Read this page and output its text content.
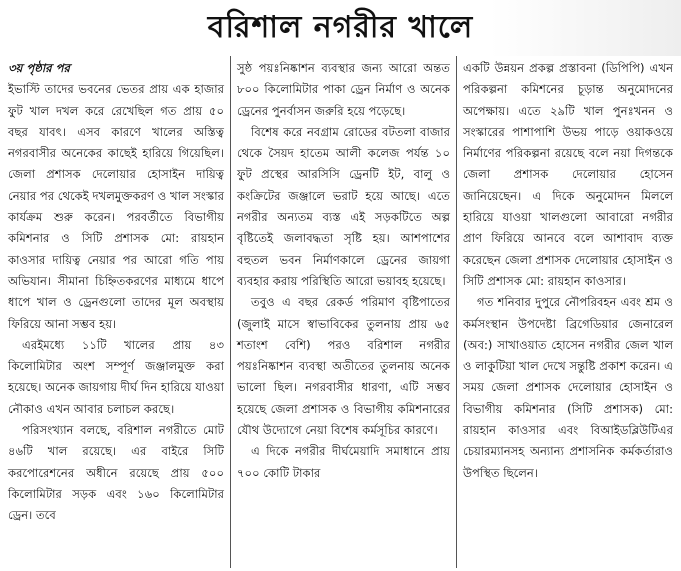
বরিশাল নগরীর খালে

৩য় পৃষ্ঠার পর

ইভাস্টি তাদের ভবনের ভেতর প্রায় এক হাজার ফুট খাল দখল করে রেখেছিল গত প্রায় ৫০ বছর যাবৎ। এসব কারণে খালের অস্তিত্ব নগরবাসীর অনেকের কাছেই হারিয়ে গিয়েছিল। জেলা প্রশাসক দেলোয়ার হোসাইন দায়িত্ব নেয়ার পর থেকেই দখলমুক্তকরণ ও খাল সংস্কার কার্যক্রম শুরু করেন। পরবর্তীতে বিভাগীয় কমিশনার ও সিটি প্রশাসক মো: রায়হান কাওসার দায়িত্ব নেয়ার পর আরো গতি পায় অভিযান। সীমানা চিহ্নিতকরণের মাধ্যমে ধাপে ধাপে খাল ও ড্রেনগুলো তাদের মূল অবস্থায় ফিরিয়ে আনা সম্ভব হয়।

এরইমধ্যে ১১টি খালের প্রায় ৪৩ কিলোমিটার অংশ সম্পূর্ণ জঞ্জালমুক্ত করা হয়েছে। অনেক জায়গায় দীর্ঘ দিন হারিয়ে যাওয়া নৌকাও এখন আবার চলাচল করছে।

পরিসংখ্যান বলছে, বরিশাল নগরীতে মোট ৪৬টি খাল রয়েছে। এর বাইরে সিটি করপোরেশনের অধীনে রয়েছে প্রায় ৫০০ কিলোমিটার সড়ক এবং ১৬০ কিলোমিটার ড্রেন। তবে

সুষ্ঠ পয়ঃনিষ্কাশন ব্যবস্থার জন্য আরো অন্তত ৮০০ কিলোমিটার পাকা ড্রেন নির্মাণ ও অনেক ড্রেনের পুনর্বাসন জরুরি হয়ে পড়েছে।

বিশেষ করে নবগ্রাম রোডের বটতলা বাজার থেকে সৈয়দ হাতেম আলী কলেজ পর্যন্ত ১০ ফুট প্রস্থের আরসিসি ড্রেনটি ইট, বালু ও কংক্রিটের জঞ্জালে ভরাট হয়ে আছে। এতে নগরীর অন্যতম ব্যস্ত এই সড়কটিতে অল্প বৃষ্টিতেই জলাবদ্ধতা সৃষ্টি হয়। আশপাশের বহুতল ভবন নির্মাণকালে ড্রেনের জায়গা ব্যবহার করায় পরিস্থিতি আরো ভয়াবহ হয়েছে।

তবুও এ বছর রেকর্ড পরিমাণ বৃষ্টিপাতের (জুলাই মাসে স্বাভাবিকের তুলনায় প্রায় ৬৫ শতাংশ বেশি) পরও বরিশাল নগরীর পয়ঃনিষ্কাশন ব্যবস্থা অতীতের তুলনায় অনেক ভালো ছিল। নগরবাসীর ধারণা, এটি সম্ভব হয়েছে জেলা প্রশাসক ও বিভাগীয় কমিশনারের যৌথ উদ্যোগে নেয়া বিশেষ কর্মসূচির কারণে।

এ দিকে নগরীর দীর্ঘমেয়াদি সমাধানে প্রায় ৭০০ কোটি টাকার

একটি উন্নয়ন প্রকল্প প্রস্তাবনা (ডিপিপি) এখন পরিকল্পনা কমিশনের চূড়ান্ত অনুমোদনের অপেক্ষায়। এতে ২৯টি খাল পুনঃখনন ও সংস্কারের পাশাপাশি উভয় পাড়ে ওয়াকওয়ে নির্মাণের পরিকল্পনা রয়েছে বলে নয়া দিগন্তকে জেলা প্রশাসক দেলোয়ার হোসেন জানিয়েছেন। এ দিকে অনুমোদন মিললে হারিয়ে যাওয়া খালগুলো আবারো নগরীর প্রাণ ফিরিয়ে আনবে বলে আশাবাদ ব্যক্ত করেছেন জেলা প্রশাসক দেলোয়ার হোসাইন ও সিটি প্রশাসক মো: রায়হান কাওসার।

গত শনিবার দুপুরে নৌপরিবহন এবং শ্রম ও কর্মসংস্থান উপদেষ্টা ব্রিগেডিয়ার জেনারেল (অব:) সাখাওয়াত হোসেন নগরীর জেল খাল ও লাকুটিয়া খাল দেখে সন্তুষ্টি প্রকাশ করেন। এ সময় জেলা প্রশাসক দেলোয়ার হোসাইন ও বিভাগীয় কমিশনার (সিটি প্রশাসক) মো: রায়হান কাওসার এবং বিআইডব্লিউটিএর চেয়ারম্যানসহ অন্যান্য প্রশাসনিক কর্মকর্তারাও উপস্থিত ছিলেন।
